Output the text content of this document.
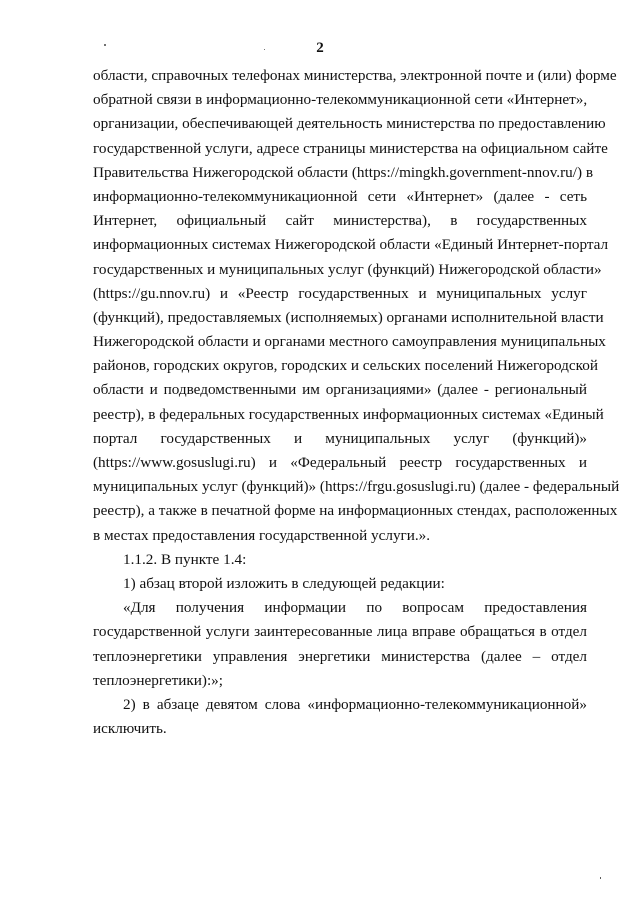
2
области, справочных телефонах министерства, электронной почте и (или) форме
обратной связи в информационно-телекоммуникационной сети «Интернет»,
организации, обеспечивающей деятельность министерства по предоставлению
государственной услуги, адресе страницы министерства на официальном сайте
Правительства Нижегородской области (https://mingkh.government-nnov.ru/) в
информационно-телекоммуникационной сети «Интернет» (далее - сеть
Интернет, официальный сайт министерства), в государственных
информационных системах Нижегородской области «Единый Интернет-портал
государственных и муниципальных услуг (функций) Нижегородской области»
(https://gu.nnov.ru) и «Реестр государственных и муниципальных услуг
(функций), предоставляемых (исполняемых) органами исполнительной власти
Нижегородской области и органами местного самоуправления муниципальных
районов, городских округов, городских и сельских поселений Нижегородской
области и подведомственными им организациями» (далее - региональный
реестр), в федеральных государственных информационных системах «Единый
портал государственных и муниципальных услуг (функций)»
(https://www.gosuslugi.ru) и «Федеральный реестр государственных и
муниципальных услуг (функций)» (https://frgu.gosuslugi.ru) (далее - федеральный
реестр), а также в печатной форме на информационных стендах, расположенных
в местах предоставления государственной услуги.».
1.1.2. В пункте 1.4:
1) абзац второй изложить в следующей редакции:
«Для получения информации по вопросам предоставления
государственной услуги заинтересованные лица вправе обращаться в отдел
теплоэнергетики управления энергетики министерства (далее – отдел
теплоэнергетики):»;
2) в абзаце девятом слова «информационно-телекоммуникационной»
исключить.
